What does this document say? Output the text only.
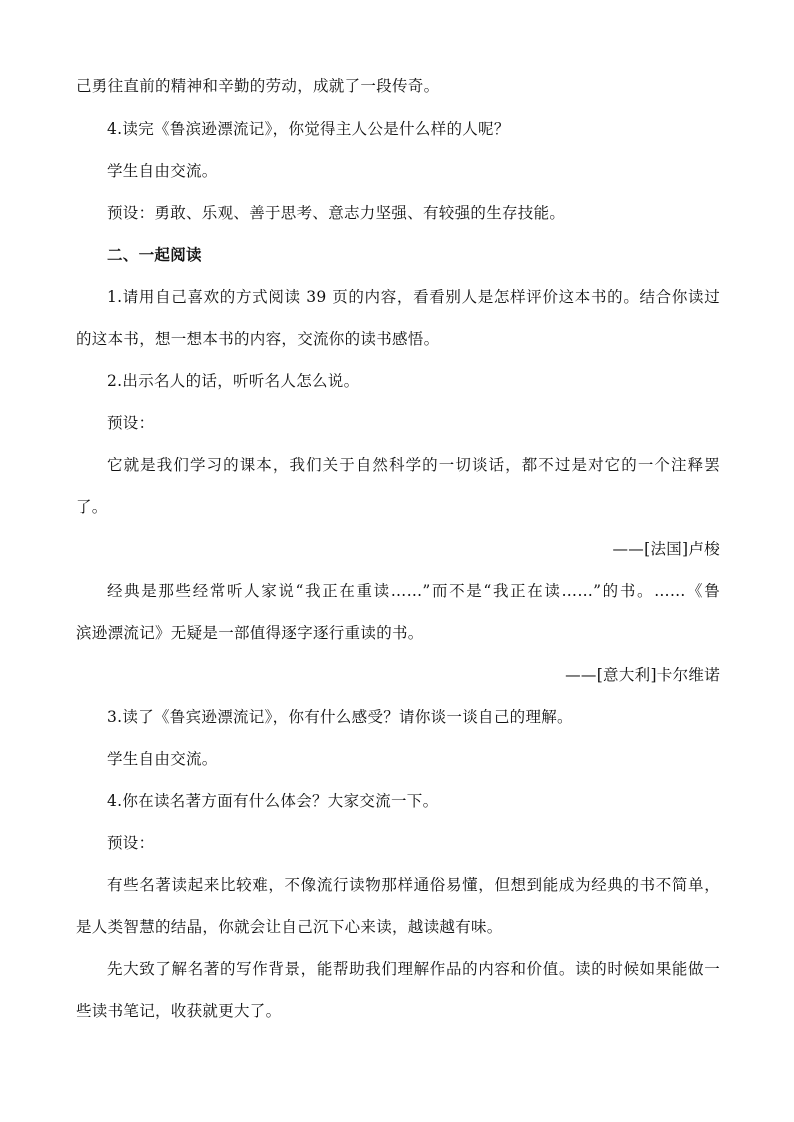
己勇往直前的精神和辛勤的劳动，成就了一段传奇。
4.读完《鲁滨逊漂流记》，你觉得主人公是什么样的人呢？
学生自由交流。
预设：勇敢、乐观、善于思考、意志力坚强、有较强的生存技能。
二、一起阅读
1.请用自己喜欢的方式阅读 39 页的内容，看看别人是怎样评价这本书的。结合你读过
的这本书，想一想本书的内容，交流你的读书感悟。
2.出示名人的话，听听名人怎么说。
预设：
它就是我们学习的课本，我们关于自然科学的一切谈话，都不过是对它的一个注释罢
了。
——[法国]卢梭
经典是那些经常听人家说“我正在重读……”而不是“我正在读……”的书。……《鲁
滨逊漂流记》无疑是一部值得逐字逐行重读的书。
——[意大利]卡尔维诺
3.读了《鲁宾逊漂流记》，你有什么感受？请你谈一谈自己的理解。
学生自由交流。
4.你在读名著方面有什么体会？大家交流一下。
预设：
有些名著读起来比较难，不像流行读物那样通俗易懂，但想到能成为经典的书不简单，
是人类智慧的结晶，你就会让自己沉下心来读，越读越有味。
先大致了解名著的写作背景，能帮助我们理解作品的内容和价值。读的时候如果能做一
些读书笔记，收获就更大了。
